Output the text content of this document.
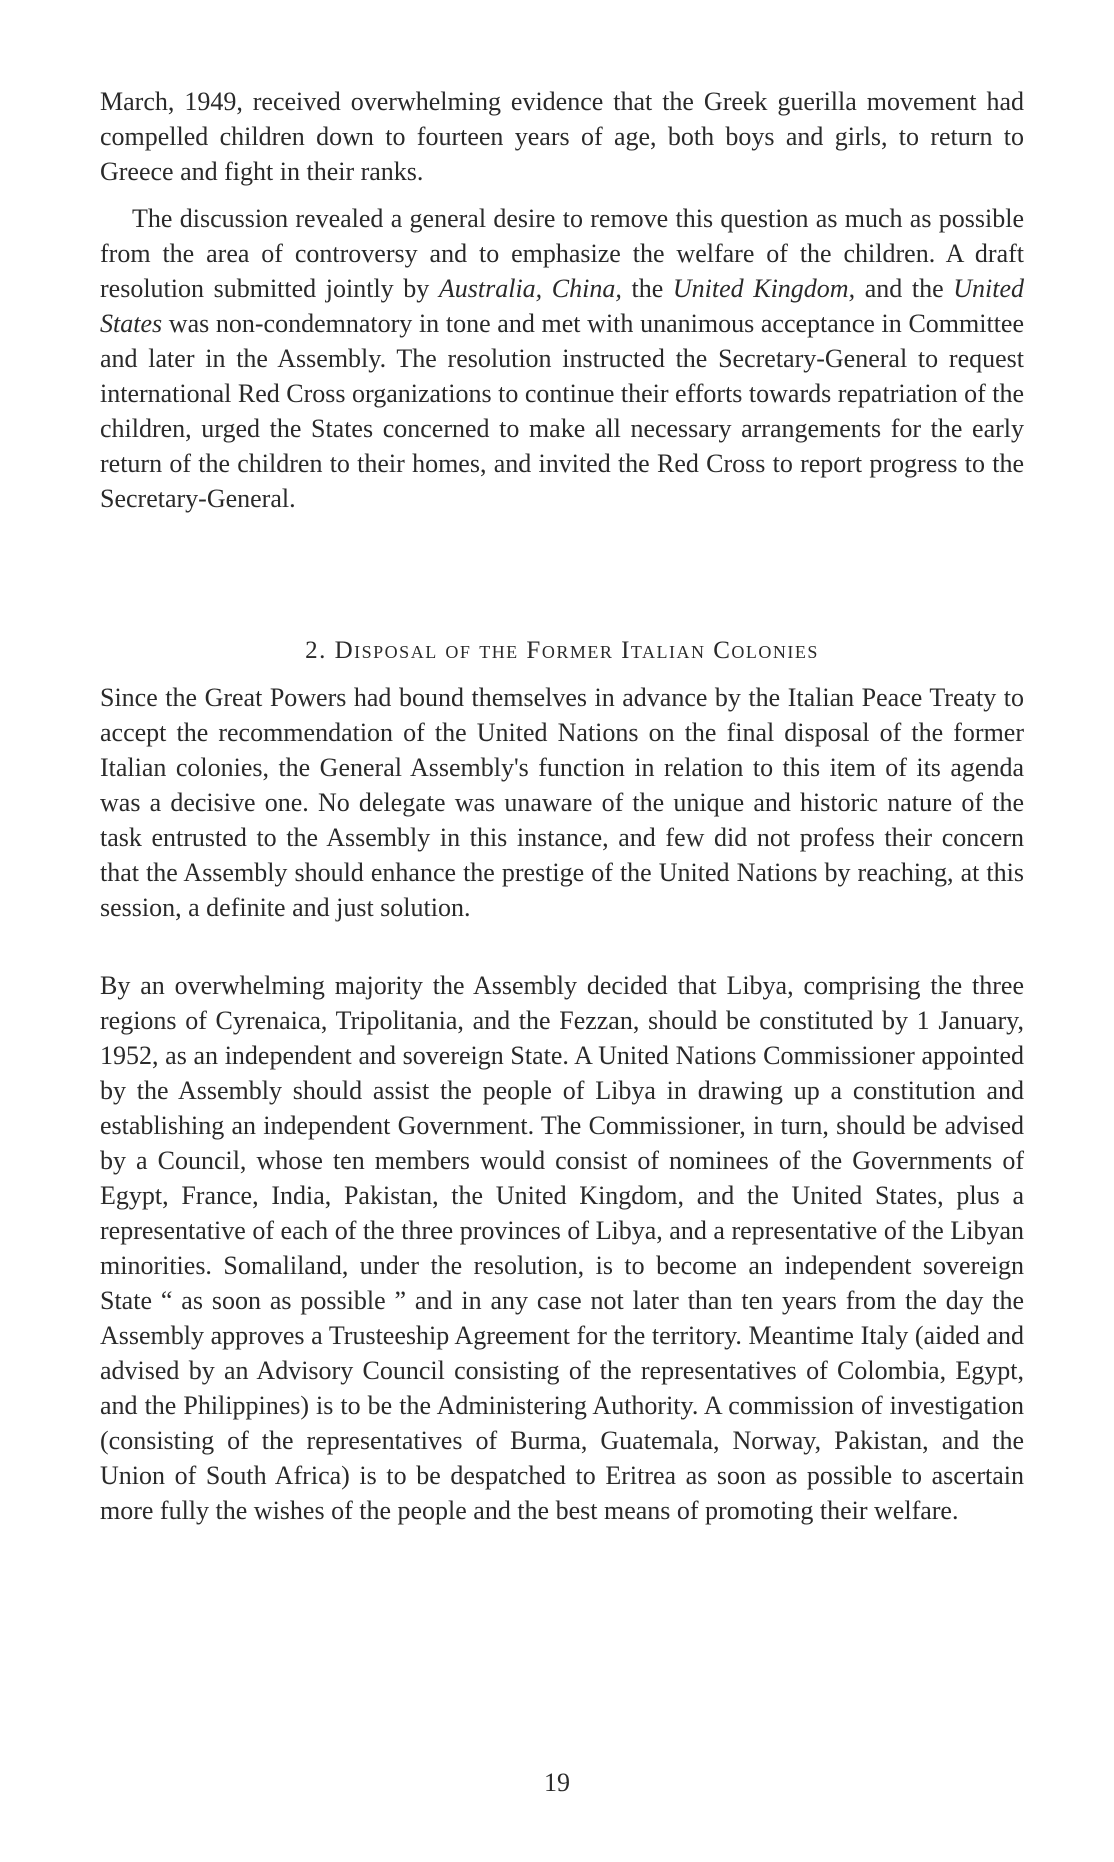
March, 1949, received overwhelming evidence that the Greek guerilla movement had compelled children down to fourteen years of age, both boys and girls, to return to Greece and fight in their ranks.

The discussion revealed a general desire to remove this question as much as possible from the area of controversy and to emphasize the welfare of the children. A draft resolution submitted jointly by Australia, China, the United Kingdom, and the United States was non-condemnatory in tone and met with unanimous acceptance in Committee and later in the Assembly. The resolution instructed the Secretary-General to request international Red Cross organizations to continue their efforts towards repatriation of the children, urged the States concerned to make all necessary arrangements for the early return of the children to their homes, and invited the Red Cross to report progress to the Secretary-General.
2. Disposal of the Former Italian Colonies

Since the Great Powers had bound themselves in advance by the Italian Peace Treaty to accept the recommendation of the United Nations on the final disposal of the former Italian colonies, the General Assembly's function in relation to this item of its agenda was a decisive one. No delegate was unaware of the unique and historic nature of the task entrusted to the Assembly in this instance, and few did not profess their concern that the Assembly should enhance the prestige of the United Nations by reaching, at this session, a definite and just solution.

By an overwhelming majority the Assembly decided that Libya, comprising the three regions of Cyrenaica, Tripolitania, and the Fezzan, should be constituted by 1 January, 1952, as an independent and sovereign State. A United Nations Commissioner appointed by the Assembly should assist the people of Libya in drawing up a constitution and establishing an independent Government. The Commissioner, in turn, should be advised by a Council, whose ten members would consist of nominees of the Governments of Egypt, France, India, Pakistan, the United Kingdom, and the United States, plus a representative of each of the three provinces of Libya, and a representative of the Libyan minorities. Somaliland, under the resolution, is to become an independent sovereign State “ as soon as possible ” and in any case not later than ten years from the day the Assembly approves a Trusteeship Agreement for the territory. Meantime Italy (aided and advised by an Advisory Council consisting of the representatives of Colombia, Egypt, and the Philippines) is to be the Administering Authority. A commission of investigation (consisting of the representatives of Burma, Guatemala, Norway, Pakistan, and the Union of South Africa) is to be despatched to Eritrea as soon as possible to ascertain more fully the wishes of the people and the best means of promoting their welfare.

19
